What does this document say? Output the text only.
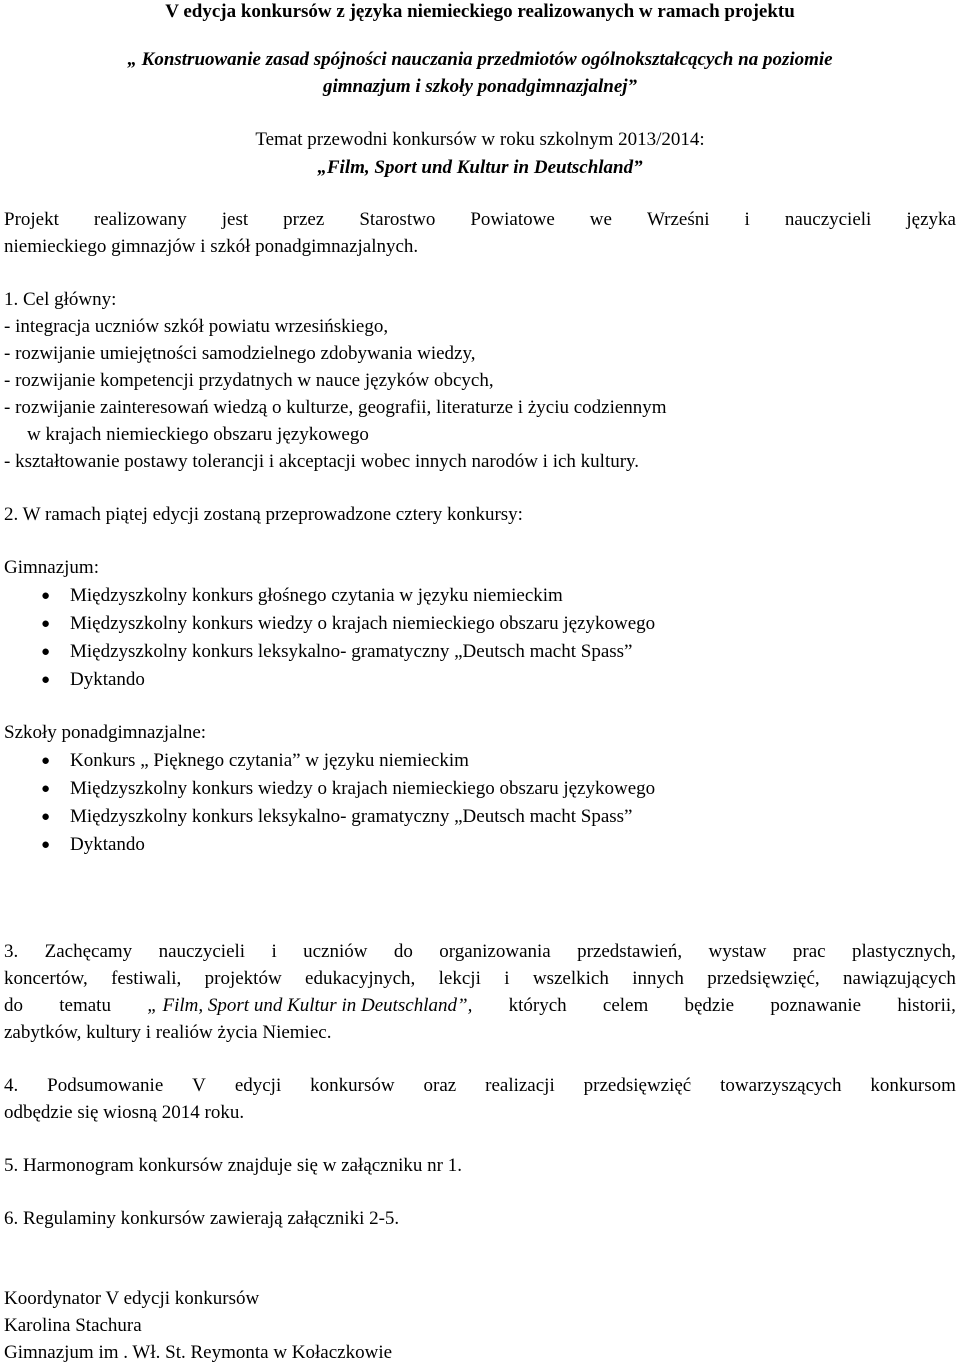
V edycja konkursów z języka niemieckiego realizowanych w ramach projektu
„ Konstruowanie zasad spójności nauczania przedmiotów ogólnokształcących na poziomie
gimnazjum i szkoły ponadgimnazjalnej”
Temat przewodni konkursów w roku szkolnym 2013/2014:
„Film, Sport und Kultur in Deutschland”
Projekt realizowany jest przez Starostwo Powiatowe we Wrześni i nauczycieli języka
niemieckiego gimnazjów i szkół ponadgimnazjalnych.
1. Cel główny:
- integracja uczniów szkół powiatu wrzesińskiego,
- rozwijanie umiejętności samodzielnego zdobywania wiedzy,
- rozwijanie kompetencji przydatnych w nauce języków obcych,
- rozwijanie zainteresowań wiedzą o kulturze, geografii, literaturze i życiu codziennym
w krajach niemieckiego obszaru językowego
- kształtowanie postawy tolerancji i akceptacji wobec innych narodów i ich kultury.
2. W ramach piątej edycji zostaną przeprowadzone cztery konkursy:
Gimnazjum:
● Międzyszkolny konkurs głośnego czytania w języku niemieckim
● Międzyszkolny konkurs wiedzy o krajach niemieckiego obszaru językowego
● Międzyszkolny konkurs leksykalno- gramatyczny „Deutsch macht Spass”
● Dyktando
Szkoły ponadgimnazjalne:
● Konkurs „ Pięknego czytania” w języku niemieckim
● Międzyszkolny konkurs wiedzy o krajach niemieckiego obszaru językowego
● Międzyszkolny konkurs leksykalno- gramatyczny „Deutsch macht Spass”
● Dyktando
3. Zachęcamy nauczycieli i uczniów do organizowania przedstawień, wystaw prac plastycznych,
koncertów, festiwali, projektów edukacyjnych, lekcji i wszelkich innych przedsięwzięć, nawiązujących
do tematu „ Film, Sport und Kultur in Deutschland”, których celem będzie poznawanie historii,
zabytków, kultury i realiów życia Niemiec.
4. Podsumowanie V edycji konkursów oraz realizacji przedsięwzięć towarzyszących konkursom
odbędzie się wiosną 2014 roku.
5. Harmonogram konkursów znajduje się w załączniku nr 1.
6. Regulaminy konkursów zawierają załączniki 2-5.
Koordynator V edycji konkursów
Karolina Stachura
Gimnazjum im . Wł. St. Reymonta w Kołaczkowie
